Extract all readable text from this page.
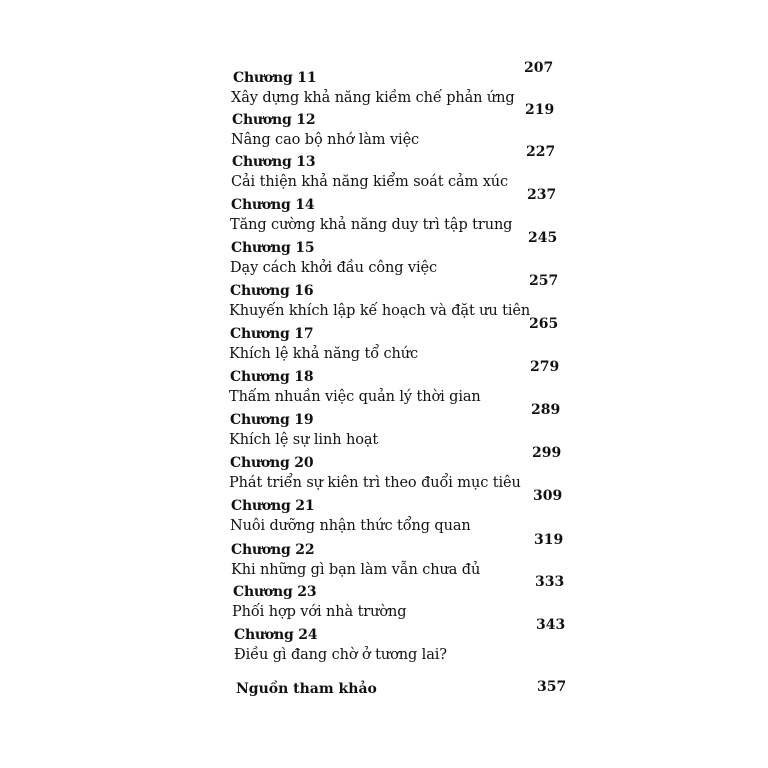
Chương 11
Xây dựng khả năng kiềm chế phản ứng
207
Chương 12
Nâng cao bộ nhớ làm việc
219
Chương 13
Cải thiện khả năng kiểm soát cảm xúc
227
Chương 14
Tăng cường khả năng duy trì tập trung
237
Chương 15
Dạy cách khởi đầu công việc
245
Chương 16
Khuyến khích lập kế hoạch và đặt ưu tiên
257
Chương 17
Khích lệ khả năng tổ chức
265
Chương 18
Thấm nhuần việc quản lý thời gian
279
Chương 19
Khích lệ sự linh hoạt
289
Chương 20
Phát triển sự kiên trì theo đuổi mục tiêu
299
Chương 21
Nuôi dưỡng nhận thức tổng quan
309
Chương 22
Khi những gì bạn làm vẫn chưa đủ
319
Chương 23
Phối hợp với nhà trường
333
Chương 24
Điều gì đang chờ ở tương lai?
343
Nguồn tham khảo	357
